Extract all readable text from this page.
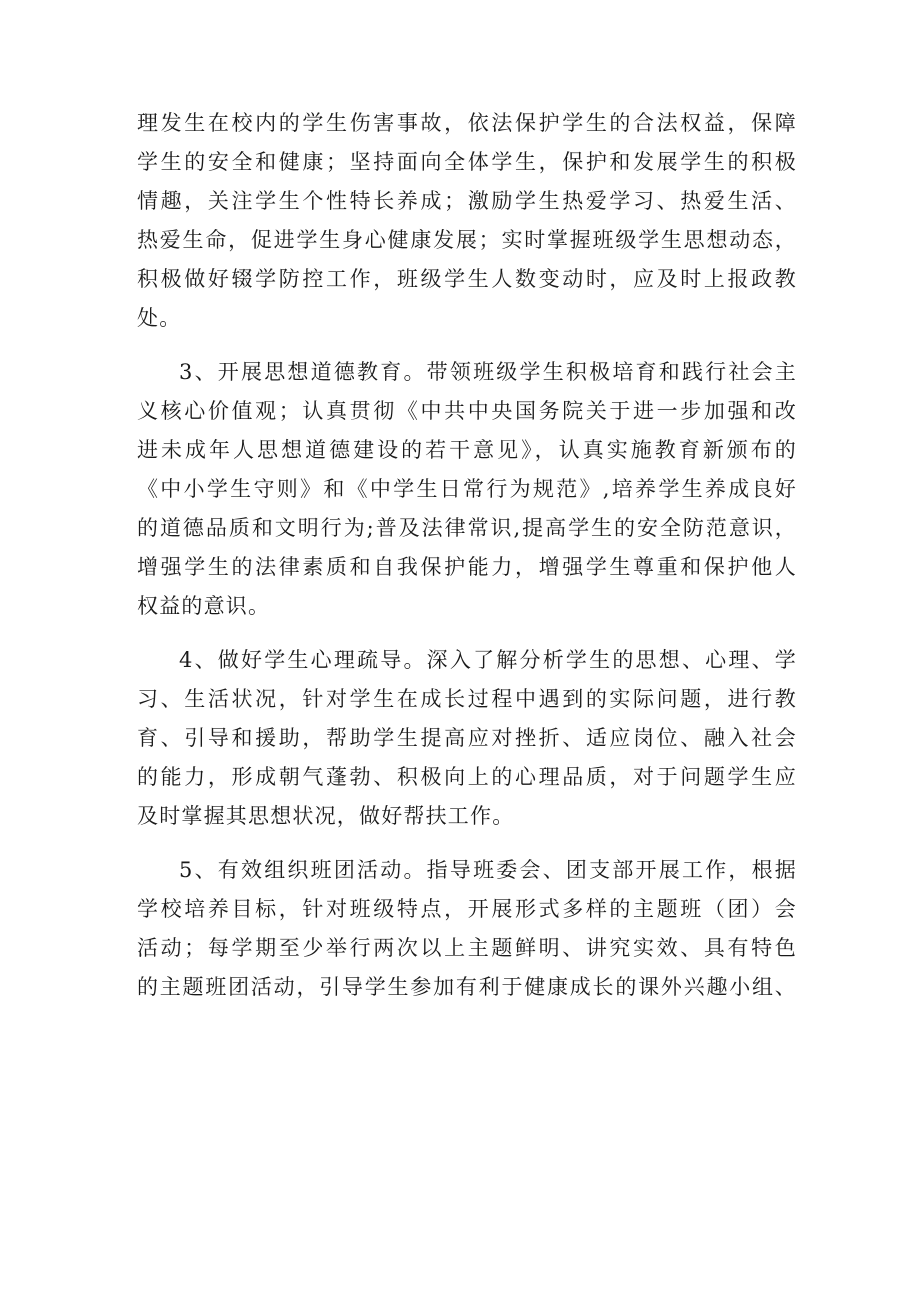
理发生在校内的学生伤害事故，依法保护学生的合法权益，保障
学生的安全和健康；坚持面向全体学生，保护和发展学生的积极
情趣，关注学生个性特长养成；激励学生热爱学习、热爱生活、
热爱生命，促进学生身心健康发展；实时掌握班级学生思想动态，
积极做好辍学防控工作，班级学生人数变动时，应及时上报政教
处。
3、开展思想道德教育。带领班级学生积极培育和践行社会主
义核心价值观；认真贯彻《中共中央国务院关于进一步加强和改
进未成年人思想道德建设的若干意见》，认真实施教育新颁布的
《中小学生守则》和《中学生日常行为规范》,培养学生养成良好
的道德品质和文明行为;普及法律常识,提高学生的安全防范意识，
增强学生的法律素质和自我保护能力，增强学生尊重和保护他人
权益的意识。
4、做好学生心理疏导。深入了解分析学生的思想、心理、学
习、生活状况，针对学生在成长过程中遇到的实际问题，进行教
育、引导和援助，帮助学生提高应对挫折、适应岗位、融入社会
的能力，形成朝气蓬勃、积极向上的心理品质，对于问题学生应
及时掌握其思想状况，做好帮扶工作。
5、有效组织班团活动。指导班委会、团支部开展工作，根据
学校培养目标，针对班级特点，开展形式多样的主题班（团）会
活动；每学期至少举行两次以上主题鲜明、讲究实效、具有特色
的主题班团活动，引导学生参加有利于健康成长的课外兴趣小组、
